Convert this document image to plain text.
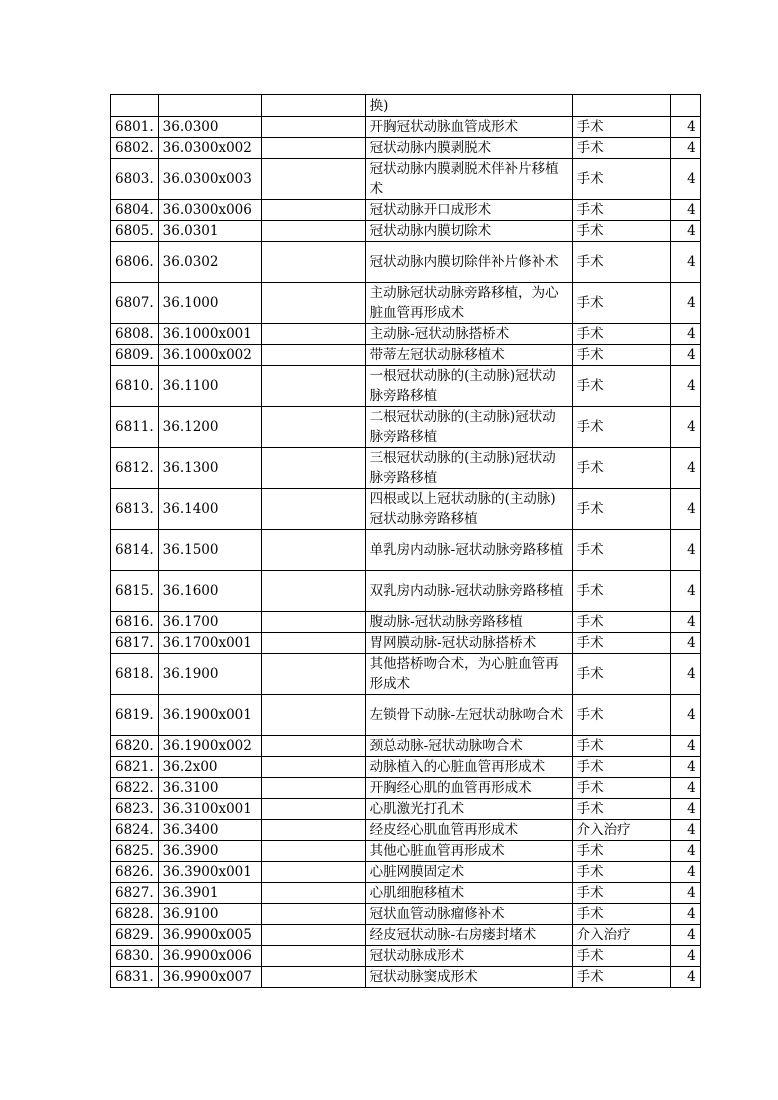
			换)		
6801.	36.0300		开胸冠状动脉血管成形术	手术	4
6802.	36.0300x002		冠状动脉内膜剥脱术	手术	4
6803.	36.0300x003		冠状动脉内膜剥脱术伴补片移植术	手术	4
6804.	36.0300x006		冠状动脉开口成形术	手术	4
6805.	36.0301		冠状动脉内膜切除术	手术	4
6806.	36.0302		冠状动脉内膜切除伴补片修补术	手术	4
6807.	36.1000		主动脉冠状动脉旁路移植，为心脏血管再形成术	手术	4
6808.	36.1000x001		主动脉-冠状动脉搭桥术	手术	4
6809.	36.1000x002		带蒂左冠状动脉移植术	手术	4
6810.	36.1100		一根冠状动脉的(主动脉)冠状动脉旁路移植	手术	4
6811.	36.1200		二根冠状动脉的(主动脉)冠状动脉旁路移植	手术	4
6812.	36.1300		三根冠状动脉的(主动脉)冠状动脉旁路移植	手术	4
6813.	36.1400		四根或以上冠状动脉的(主动脉)冠状动脉旁路移植	手术	4
6814.	36.1500		单乳房内动脉-冠状动脉旁路移植	手术	4
6815.	36.1600		双乳房内动脉-冠状动脉旁路移植	手术	4
6816.	36.1700		腹动脉-冠状动脉旁路移植	手术	4
6817.	36.1700x001		胃网膜动脉-冠状动脉搭桥术	手术	4
6818.	36.1900		其他搭桥吻合术，为心脏血管再形成术	手术	4
6819.	36.1900x001		左锁骨下动脉-左冠状动脉吻合术	手术	4
6820.	36.1900x002		颈总动脉-冠状动脉吻合术	手术	4
6821.	36.2x00		动脉植入的心脏血管再形成术	手术	4
6822.	36.3100		开胸经心肌的血管再形成术	手术	4
6823.	36.3100x001		心肌激光打孔术	手术	4
6824.	36.3400		经皮经心肌血管再形成术	介入治疗	4
6825.	36.3900		其他心脏血管再形成术	手术	4
6826.	36.3900x001		心脏网膜固定术	手术	4
6827.	36.3901		心肌细胞移植术	手术	4
6828.	36.9100		冠状血管动脉瘤修补术	手术	4
6829.	36.9900x005		经皮冠状动脉-右房瘘封堵术	介入治疗	4
6830.	36.9900x006		冠状动脉成形术	手术	4
6831.	36.9900x007		冠状动脉窦成形术	手术	4
